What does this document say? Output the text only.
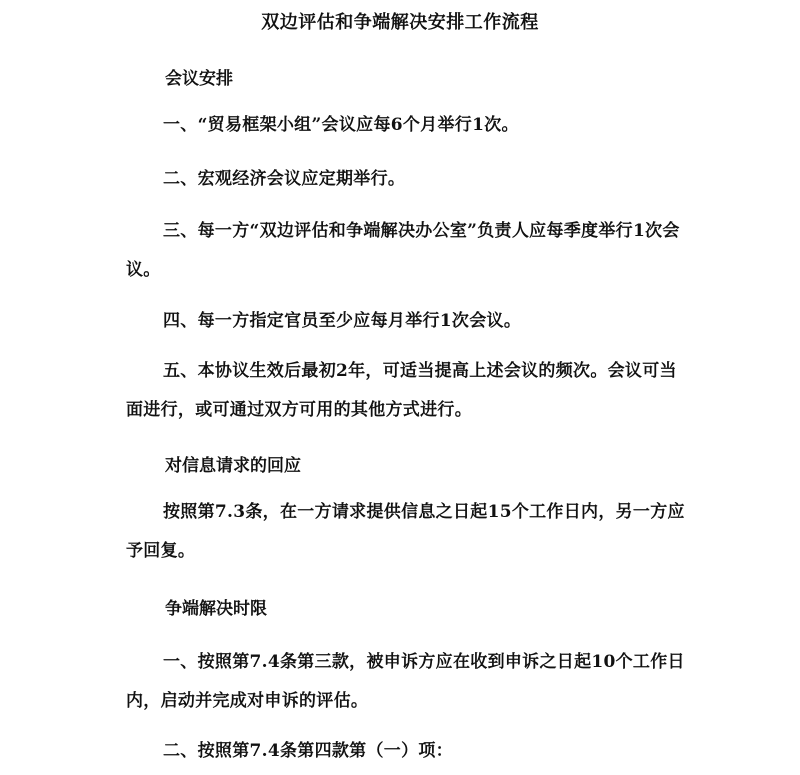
双边评估和争端解决安排工作流程
会议安排

一、“贸易框架小组”会议应每6个月举行1次。

二、宏观经济会议应定期举行。

三、每一方“双边评估和争端解决办公室”负责人应每季度举行1次会议。

四、每一方指定官员至少应每月举行1次会议。

五、本协议生效后最初2年，可适当提高上述会议的频次。会议可当面进行，或可通过双方可用的其他方式进行。

对信息请求的回应

按照第7.3条，在一方请求提供信息之日起15个工作日内，另一方应予回复。

争端解决时限

一、按照第7.4条第三款，被申诉方应在收到申诉之日起10个工作日内，启动并完成对申诉的评估。

二、按照第7.4条第四款第（一）项：
